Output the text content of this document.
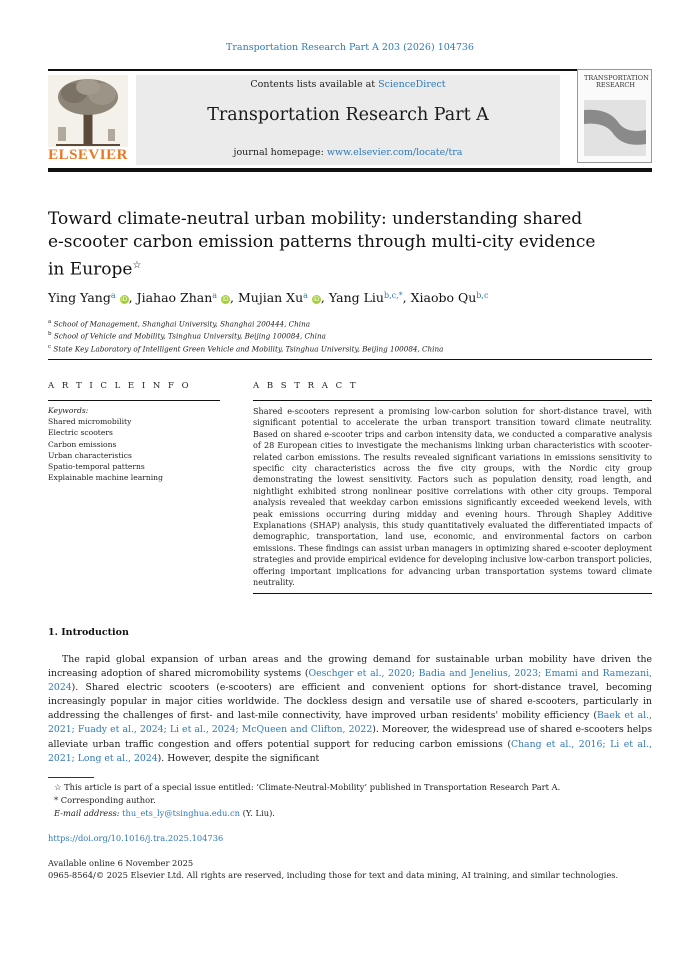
Transportation Research Part A 203 (2026) 104736
ELSEVIER
Contents lists available at ScienceDirect
Transportation Research Part A
journal homepage: www.elsevier.com/locate/tra
TRANSPORTATION RESEARCH
Toward climate-neutral urban mobility: understanding shared
e-scooter carbon emission patterns through multi-city evidence
in Europe☆
Ying Yang$^a$ iD, Jiahao Zhan$^a$ iD, Mujian Xu$^a$ iD, Yang Liu$^{b,c,*}$, Xiaobo Qu$^{b,c}$
$^a$ School of Management, Shanghai University, Shanghai 200444, China
$^b$ School of Vehicle and Mobility, Tsinghua University, Beijing 100084, China
$^c$ State Key Laboratory of Intelligent Green Vehicle and Mobility, Tsinghua University, Beijing 100084, China
A R T I C L E I N F O
Keywords:
Shared micromobility
Electric scooters
Carbon emissions
Urban characteristics
Spatio-temporal patterns
Explainable machine learning
A B S T R A C T
Shared e-scooters represent a promising low-carbon solution for short-distance travel, with significant potential to accelerate the urban transport transition toward climate neutrality. Based on shared e-scooter trips and carbon intensity data, we conducted a comparative analysis of 28 European cities to investigate the mechanisms linking urban characteristics with scooter-related carbon emissions. The results revealed significant variations in emissions sensitivity to specific city characteristics across the five city groups, with the Nordic city group demonstrating the lowest sensitivity. Factors such as population density, road length, and nightlight exhibited strong nonlinear positive correlations with other city groups. Temporal analysis revealed that weekday carbon emissions significantly exceeded weekend levels, with peak emissions occurring during midday and evening hours. Through Shapley Additive Explanations (SHAP) analysis, this study quantitatively evaluated the differentiated impacts of demographic, transportation, land use, economic, and environmental factors on carbon emissions. These findings can assist urban managers in optimizing shared e-scooter deployment strategies and provide empirical evidence for developing inclusive low-carbon transport policies, offering important implications for advancing urban transportation systems toward climate neutrality.
1. Introduction
The rapid global expansion of urban areas and the growing demand for sustainable urban mobility have driven the increasing adoption of shared micromobility systems (Oeschger et al., 2020; Badia and Jenelius, 2023; Emami and Ramezani, 2024). Shared electric scooters (e-scooters) are efficient and convenient options for short-distance travel, becoming increasingly popular in major cities worldwide. The dockless design and versatile use of shared e-scooters, particularly in addressing the challenges of first- and last-mile connectivity, have improved urban residents' mobility efficiency (Baek et al., 2021; Fuady et al., 2024; Li et al., 2024; McQueen and Clifton, 2022). Moreover, the widespread use of shared e-scooters helps alleviate urban traffic congestion and offers potential support for reducing carbon emissions (Chang et al., 2016; Li et al., 2021; Long et al., 2024). However, despite the significant
☆ This article is part of a special issue entitled: ‘Climate-Neutral-Mobility’ published in Transportation Research Part A.
* Corresponding author.
E-mail address: thu_ets_ly@tsinghua.edu.cn (Y. Liu).
https://doi.org/10.1016/j.tra.2025.104736
Available online 6 November 2025
0965-8564/© 2025 Elsevier Ltd. All rights are reserved, including those for text and data mining, AI training, and similar technologies.
